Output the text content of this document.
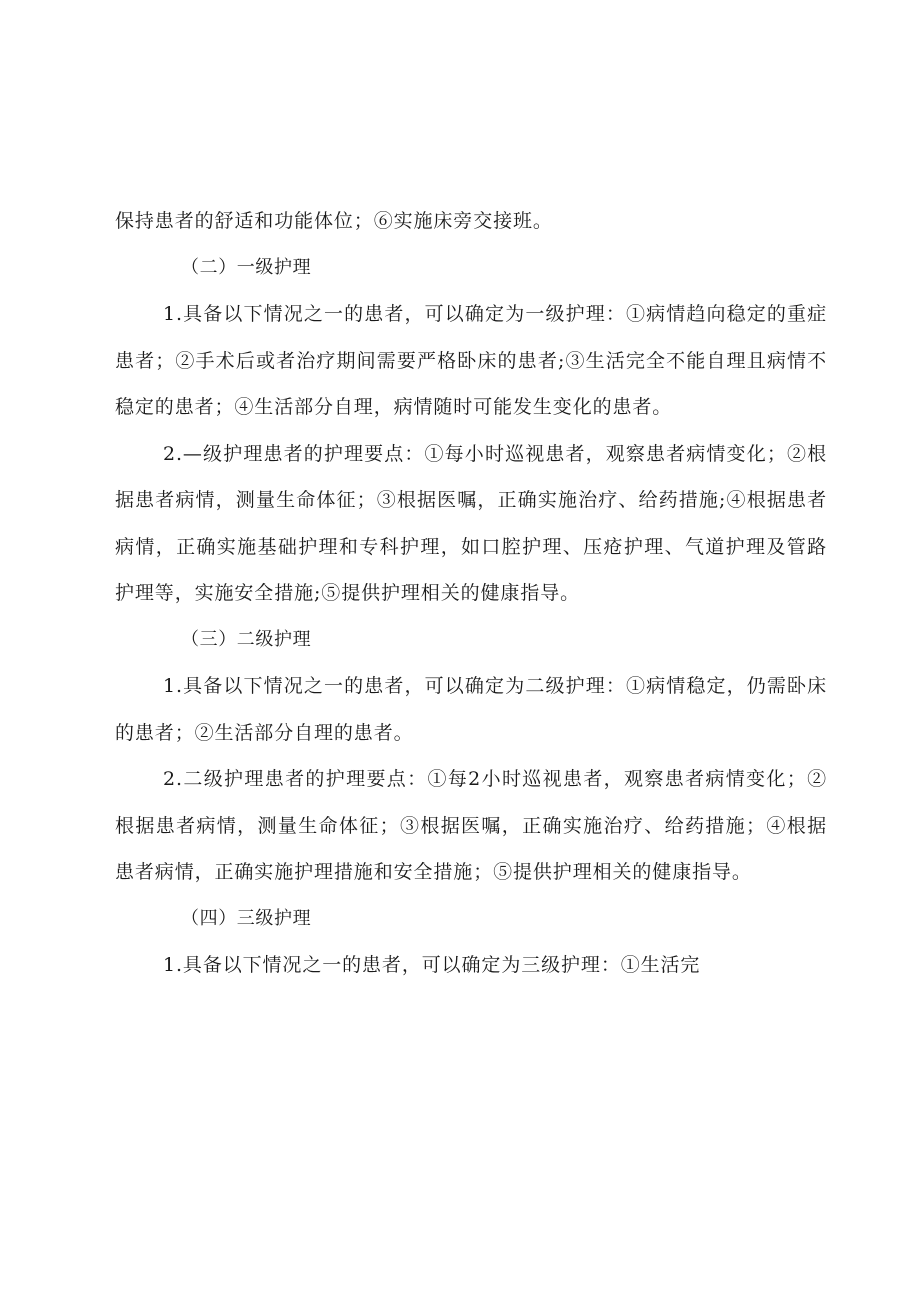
保持患者的舒适和功能体位；⑥实施床旁交接班。

（二）一级护理

1.具备以下情况之一的患者，可以确定为一级护理：①病情趋向稳定的重症患者；②手术后或者治疗期间需要严格卧床的患者;③生活完全不能自理且病情不稳定的患者；④生活部分自理，病情随时可能发生变化的患者。

2.—级护理患者的护理要点：①每小时巡视患者，观察患者病情变化；②根据患者病情，测量生命体征；③根据医嘱，正确实施治疗、给药措施;④根据患者病情，正确实施基础护理和专科护理，如口腔护理、压疮护理、气道护理及管路护理等，实施安全措施;⑤提供护理相关的健康指导。

（三）二级护理

1.具备以下情况之一的患者，可以确定为二级护理：①病情稳定，仍需卧床的患者；②生活部分自理的患者。

2.二级护理患者的护理要点：①每2小时巡视患者，观察患者病情变化；②根据患者病情，测量生命体征；③根据医嘱，正确实施治疗、给药措施；④根据患者病情，正确实施护理措施和安全措施；⑤提供护理相关的健康指导。

（四）三级护理

1.具备以下情况之一的患者，可以确定为三级护理：①生活完
